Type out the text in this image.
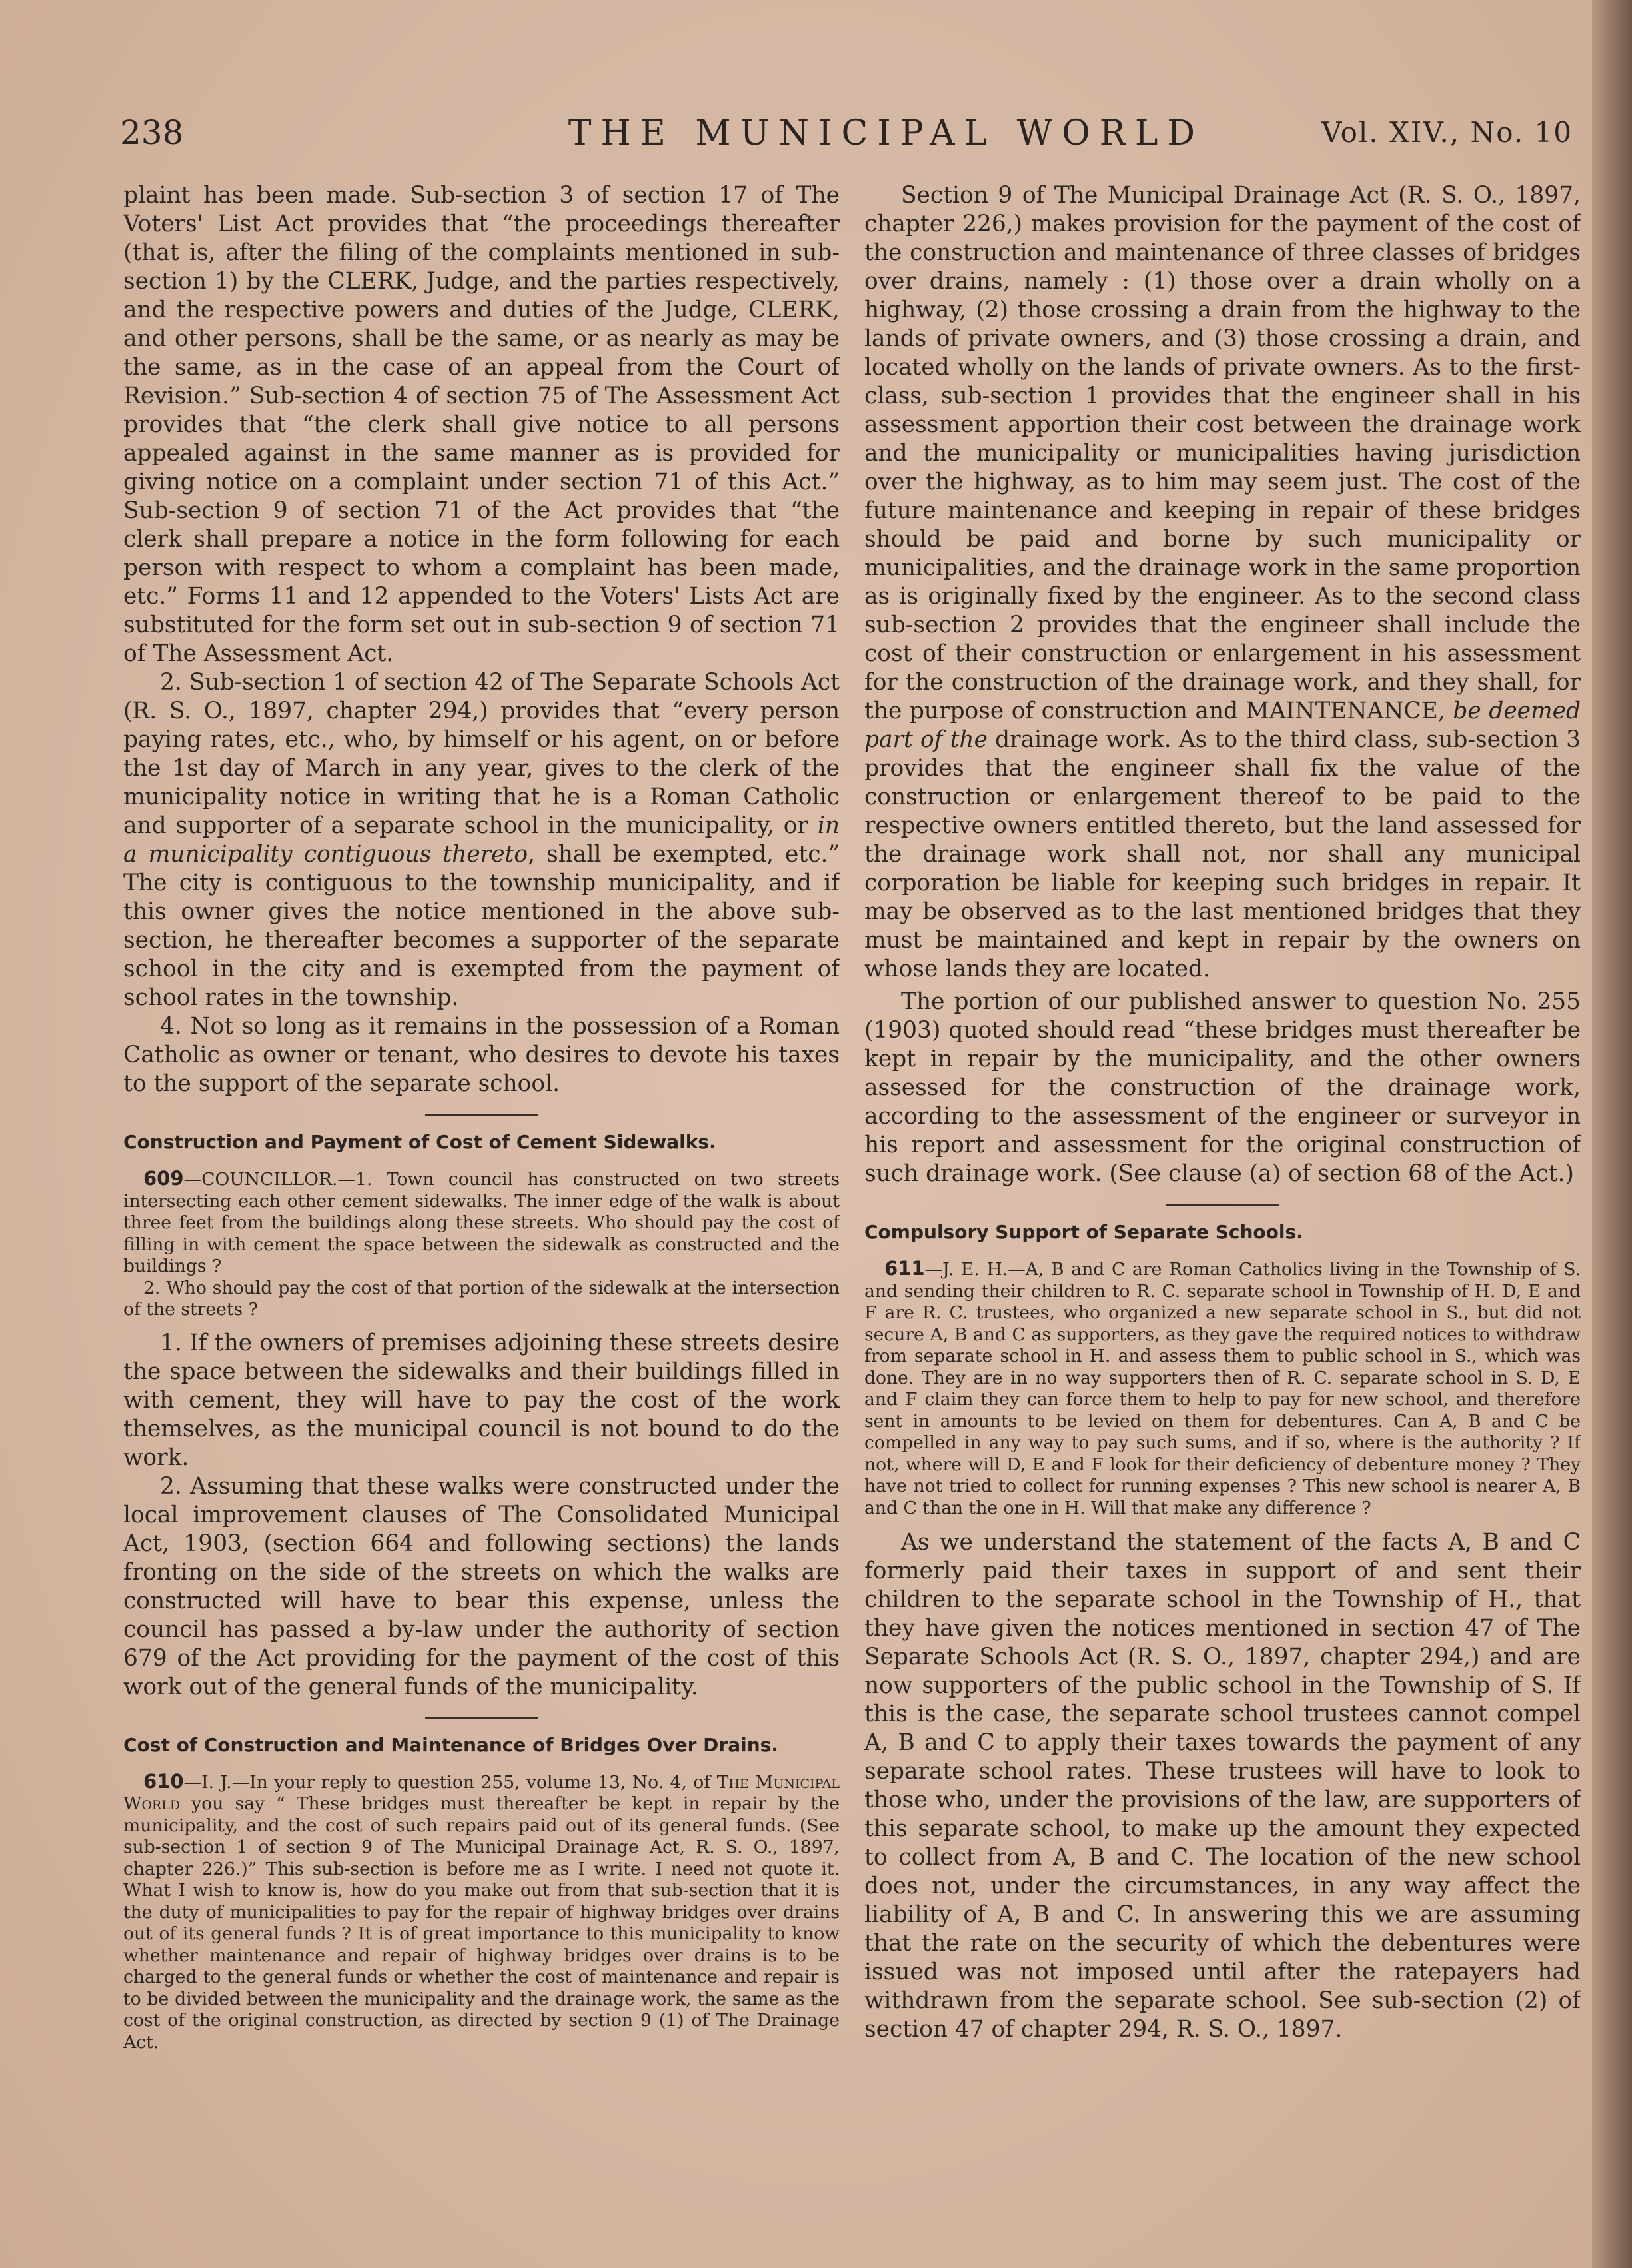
238	THE MUNICIPAL WORLD	Vol. XIV., No. 10

plaint has been made. Sub-section 3 of section 17 of The Voters' List Act provides that “the proceedings thereafter (that is, after the filing of the complaints mentioned in sub-section 1) by the CLERK, Judge, and the parties respectively, and the respective powers and duties of the Judge, CLERK, and other persons, shall be the same, or as nearly as may be the same, as in the case of an appeal from the Court of Revision.” Sub-section 4 of section 75 of The Assessment Act provides that “the clerk shall give notice to all persons appealed against in the same manner as is provided for giving notice on a complaint under section 71 of this Act.” Sub-section 9 of section 71 of the Act provides that “the clerk shall prepare a notice in the form following for each person with respect to whom a complaint has been made, etc.” Forms 11 and 12 appended to the Voters' Lists Act are substituted for the form set out in sub-section 9 of section 71 of The Assessment Act.

2. Sub-section 1 of section 42 of The Separate Schools Act (R. S. O., 1897, chapter 294,) provides that “every person paying rates, etc., who, by himself or his agent, on or before the 1st day of March in any year, gives to the clerk of the municipality notice in writing that he is a Roman Catholic and supporter of a separate school in the municipality, or in a municipality contiguous thereto, shall be exempted, etc.” The city is contiguous to the township municipality, and if this owner gives the notice mentioned in the above sub-section, he thereafter becomes a supporter of the separate school in the city and is exempted from the payment of school rates in the township.

4. Not so long as it remains in the possession of a Roman Catholic as owner or tenant, who desires to devote his taxes to the support of the separate school.

Construction and Payment of Cost of Cement Sidewalks.

609—COUNCILLOR.—1. Town council has constructed on two streets intersecting each other cement sidewalks. The inner edge of the walk is about three feet from the buildings along these streets. Who should pay the cost of filling in with cement the space between the sidewalk as constructed and the buildings ?

2. Who should pay the cost of that portion of the sidewalk at the intersection of the streets ?

1. If the owners of premises adjoining these streets desire the space between the sidewalks and their buildings filled in with cement, they will have to pay the cost of the work themselves, as the municipal council is not bound to do the work.

2. Assuming that these walks were constructed under the local improvement clauses of The Consolidated Municipal Act, 1903, (section 664 and following sections) the lands fronting on the side of the streets on which the walks are constructed will have to bear this expense, unless the council has passed a by-law under the authority of section 679 of the Act providing for the payment of the cost of this work out of the general funds of the municipality.

Cost of Construction and Maintenance of Bridges Over Drains.

610—I. J.—In your reply to question 255, volume 13, No. 4, of The Municipal World you say “ These bridges must thereafter be kept in repair by the municipality, and the cost of such repairs paid out of its general funds. (See sub-section 1 of section 9 of The Municipal Drainage Act, R. S. O., 1897, chapter 226.)” This sub-section is before me as I write. I need not quote it. What I wish to know is, how do you make out from that sub-section that it is the duty of municipalities to pay for the repair of highway bridges over drains out of its general funds ? It is of great importance to this municipality to know whether maintenance and repair of highway bridges over drains is to be charged to the general funds or whether the cost of maintenance and repair is to be divided between the municipality and the drainage work, the same as the cost of the original construction, as directed by section 9 (1) of The Drainage Act.

Section 9 of The Municipal Drainage Act (R. S. O., 1897, chapter 226,) makes provision for the payment of the cost of the construction and maintenance of three classes of bridges over drains, namely : (1) those over a drain wholly on a highway, (2) those crossing a drain from the highway to the lands of private owners, and (3) those crossing a drain, and located wholly on the lands of private owners. As to the first-class, sub-section 1 provides that the engineer shall in his assessment apportion their cost between the drainage work and the municipality or municipalities having jurisdiction over the highway, as to him may seem just. The cost of the future maintenance and keeping in repair of these bridges should be paid and borne by such municipality or municipalities, and the drainage work in the same proportion as is originally fixed by the engineer. As to the second class sub-section 2 provides that the engineer shall include the cost of their construction or enlargement in his assessment for the construction of the drainage work, and they shall, for the purpose of construction and MAINTENANCE, be deemed part of the drainage work. As to the third class, sub-section 3 provides that the engineer shall fix the value of the construction or enlargement thereof to be paid to the respective owners entitled thereto, but the land assessed for the drainage work shall not, nor shall any municipal corporation be liable for keeping such bridges in repair. It may be observed as to the last mentioned bridges that they must be maintained and kept in repair by the owners on whose lands they are located.

The portion of our published answer to question No. 255 (1903) quoted should read “these bridges must thereafter be kept in repair by the municipality, and the other owners assessed for the construction of the drainage work, according to the assessment of the engineer or surveyor in his report and assessment for the original construction of such drainage work. (See clause (a) of section 68 of the Act.)

Compulsory Support of Separate Schools.

611—J. E. H.—A, B and C are Roman Catholics living in the Township of S. and sending their children to R. C. separate school in Township of H. D, E and F are R. C. trustees, who organized a new separate school in S., but did not secure A, B and C as supporters, as they gave the required notices to withdraw from separate school in H. and assess them to public school in S., which was done. They are in no way supporters then of R. C. separate school in S. D, E and F claim they can force them to help to pay for new school, and therefore sent in amounts to be levied on them for debentures. Can A, B and C be compelled in any way to pay such sums, and if so, where is the authority ? If not, where will D, E and F look for their deficiency of debenture money ? They have not tried to collect for running expenses ? This new school is nearer A, B and C than the one in H. Will that make any difference ?

As we understand the statement of the facts A, B and C formerly paid their taxes in support of and sent their children to the separate school in the Township of H., that they have given the notices mentioned in section 47 of The Separate Schools Act (R. S. O., 1897, chapter 294,) and are now supporters of the public school in the Township of S. If this is the case, the separate school trustees cannot compel A, B and C to apply their taxes towards the payment of any separate school rates. These trustees will have to look to those who, under the provisions of the law, are supporters of this separate school, to make up the amount they expected to collect from A, B and C. The location of the new school does not, under the circumstances, in any way affect the liability of A, B and C. In answering this we are assuming that the rate on the security of which the debentures were issued was not imposed until after the ratepayers had withdrawn from the separate school. See sub-section (2) of section 47 of chapter 294, R. S. O., 1897.
